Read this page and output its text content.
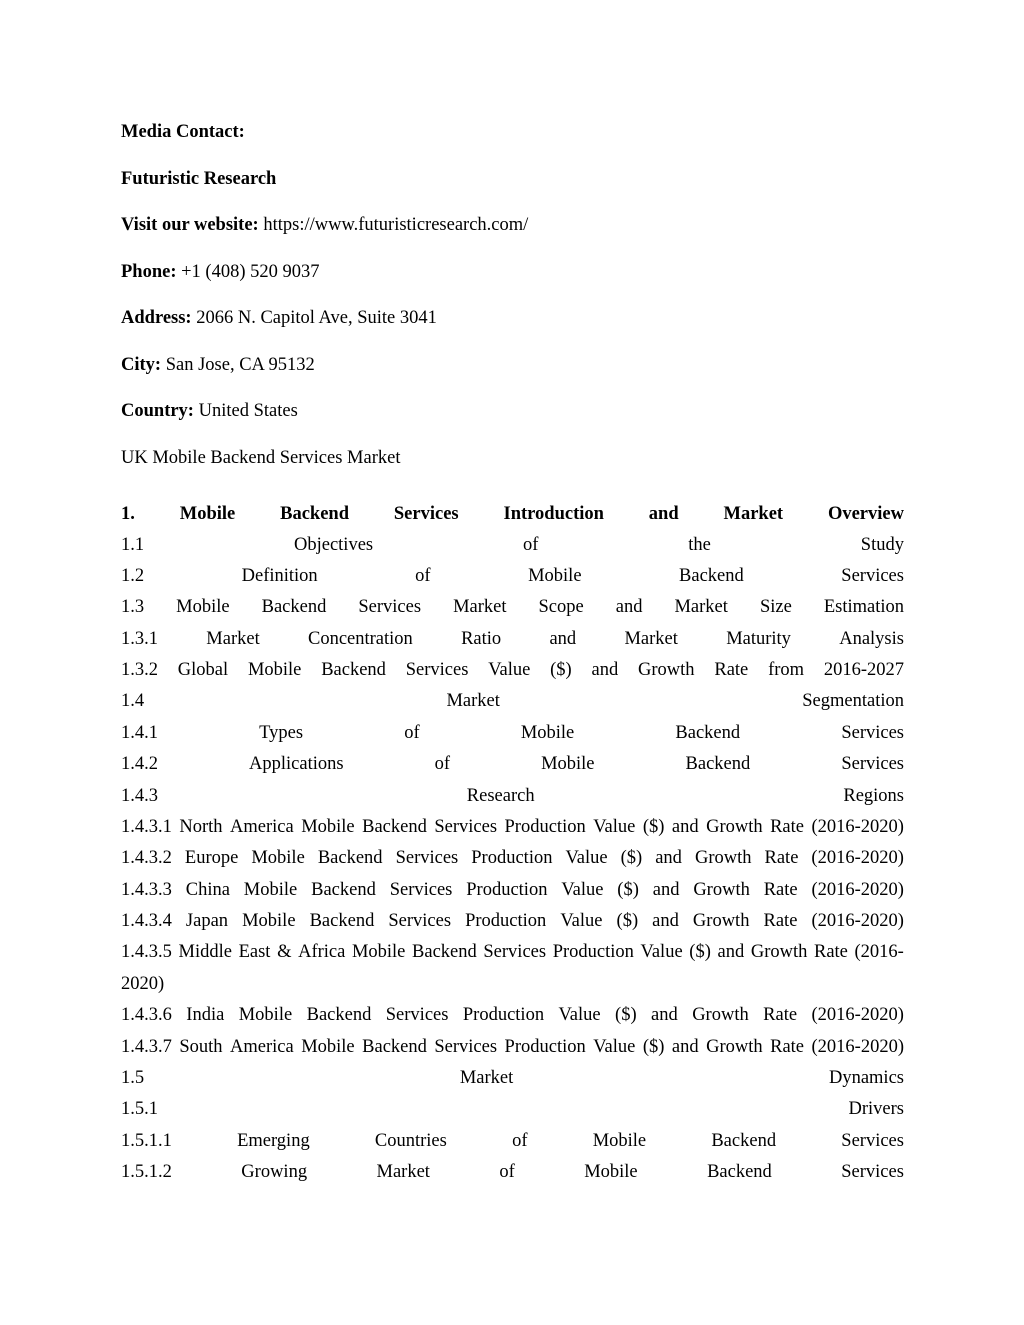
Media Contact:
Futuristic Research
Visit our website: https://www.futuristicresearch.com/
Phone: +1 (408) 520 9037
Address: 2066 N. Capitol Ave, Suite 3041
City: San Jose, CA 95132
Country: United States
UK Mobile Backend Services Market
1. Mobile Backend Services Introduction and Market Overview
1.1	Objectives	of	the	Study
1.2	Definition	of	Mobile	Backend	Services
1.3 Mobile Backend Services Market Scope and Market Size Estimation
1.3.1	Market	Concentration	Ratio	and	Market	Maturity	Analysis
1.3.2 Global Mobile Backend Services Value ($) and Growth Rate from 2016-2027
1.4	Market	Segmentation
1.4.1	Types	of	Mobile	Backend	Services
1.4.2	Applications	of	Mobile	Backend	Services
1.4.3	Research	Regions
1.4.3.1 North America Mobile Backend Services Production Value ($) and Growth Rate (2016-2020)
1.4.3.2 Europe Mobile Backend Services Production Value ($) and Growth Rate (2016-2020)
1.4.3.3 China Mobile Backend Services Production Value ($) and Growth Rate (2016-2020)
1.4.3.4 Japan Mobile Backend Services Production Value ($) and Growth Rate (2016-2020)
1.4.3.5 Middle East & Africa Mobile Backend Services Production Value ($) and Growth Rate (2016-
2020)
1.4.3.6 India Mobile Backend Services Production Value ($) and Growth Rate (2016-2020)
1.4.3.7 South America Mobile Backend Services Production Value ($) and Growth Rate (2016-2020)
1.5	Market	Dynamics
1.5.1	Drivers
1.5.1.1	Emerging	Countries	of	Mobile	Backend	Services
1.5.1.2	Growing	Market	of	Mobile	Backend	Services
